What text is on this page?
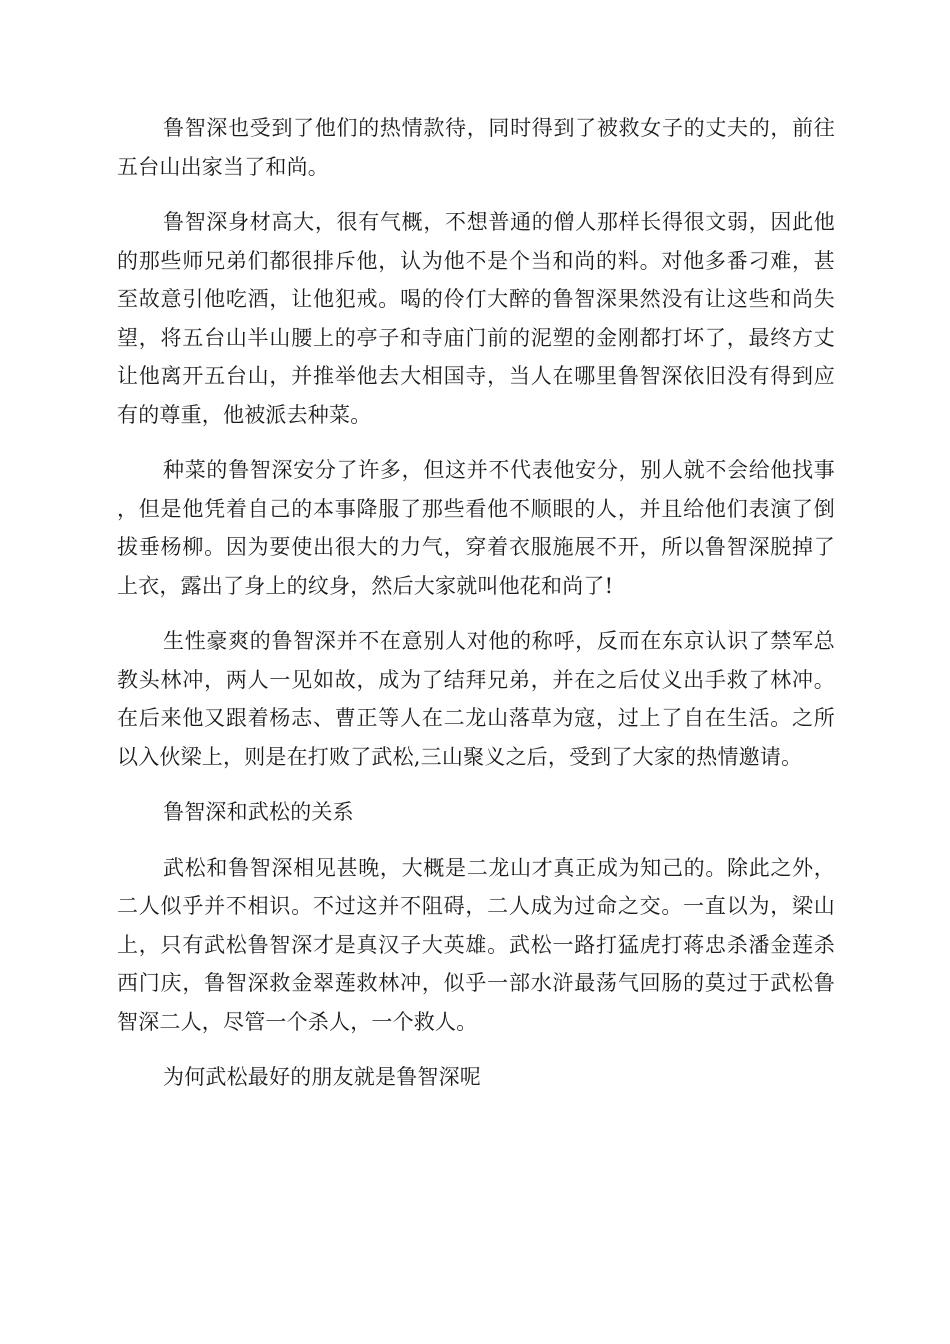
鲁智深也受到了他们的热情款待，同时得到了被救女子的丈夫的，前往五台山出家当了和尚。

鲁智深身材高大，很有气概，不想普通的僧人那样长得很文弱，因此他的那些师兄弟们都很排斥他，认为他不是个当和尚的料。对他多番刁难，甚至故意引他吃酒，让他犯戒。喝的伶仃大醉的鲁智深果然没有让这些和尚失望，将五台山半山腰上的亭子和寺庙门前的泥塑的金刚都打坏了，最终方丈让他离开五台山，并推举他去大相国寺，当人在哪里鲁智深依旧没有得到应有的尊重，他被派去种菜。

种菜的鲁智深安分了许多，但这并不代表他安分，别人就不会给他找事，但是他凭着自己的本事降服了那些看他不顺眼的人，并且给他们表演了倒拔垂杨柳。因为要使出很大的力气，穿着衣服施展不开，所以鲁智深脱掉了上衣，露出了身上的纹身，然后大家就叫他花和尚了!

生性豪爽的鲁智深并不在意别人对他的称呼，反而在东京认识了禁军总教头林冲，两人一见如故，成为了结拜兄弟，并在之后仗义出手救了林冲。在后来他又跟着杨志、曹正等人在二龙山落草为寇，过上了自在生活。之所以入伙梁上，则是在打败了武松,三山聚义之后，受到了大家的热情邀请。

鲁智深和武松的关系

武松和鲁智深相见甚晚，大概是二龙山才真正成为知己的。除此之外，二人似乎并不相识。不过这并不阻碍，二人成为过命之交。一直以为，梁山上，只有武松鲁智深才是真汉子大英雄。武松一路打猛虎打蒋忠杀潘金莲杀西门庆，鲁智深救金翠莲救林冲，似乎一部水浒最荡气回肠的莫过于武松鲁智深二人，尽管一个杀人，一个救人。

为何武松最好的朋友就是鲁智深呢
